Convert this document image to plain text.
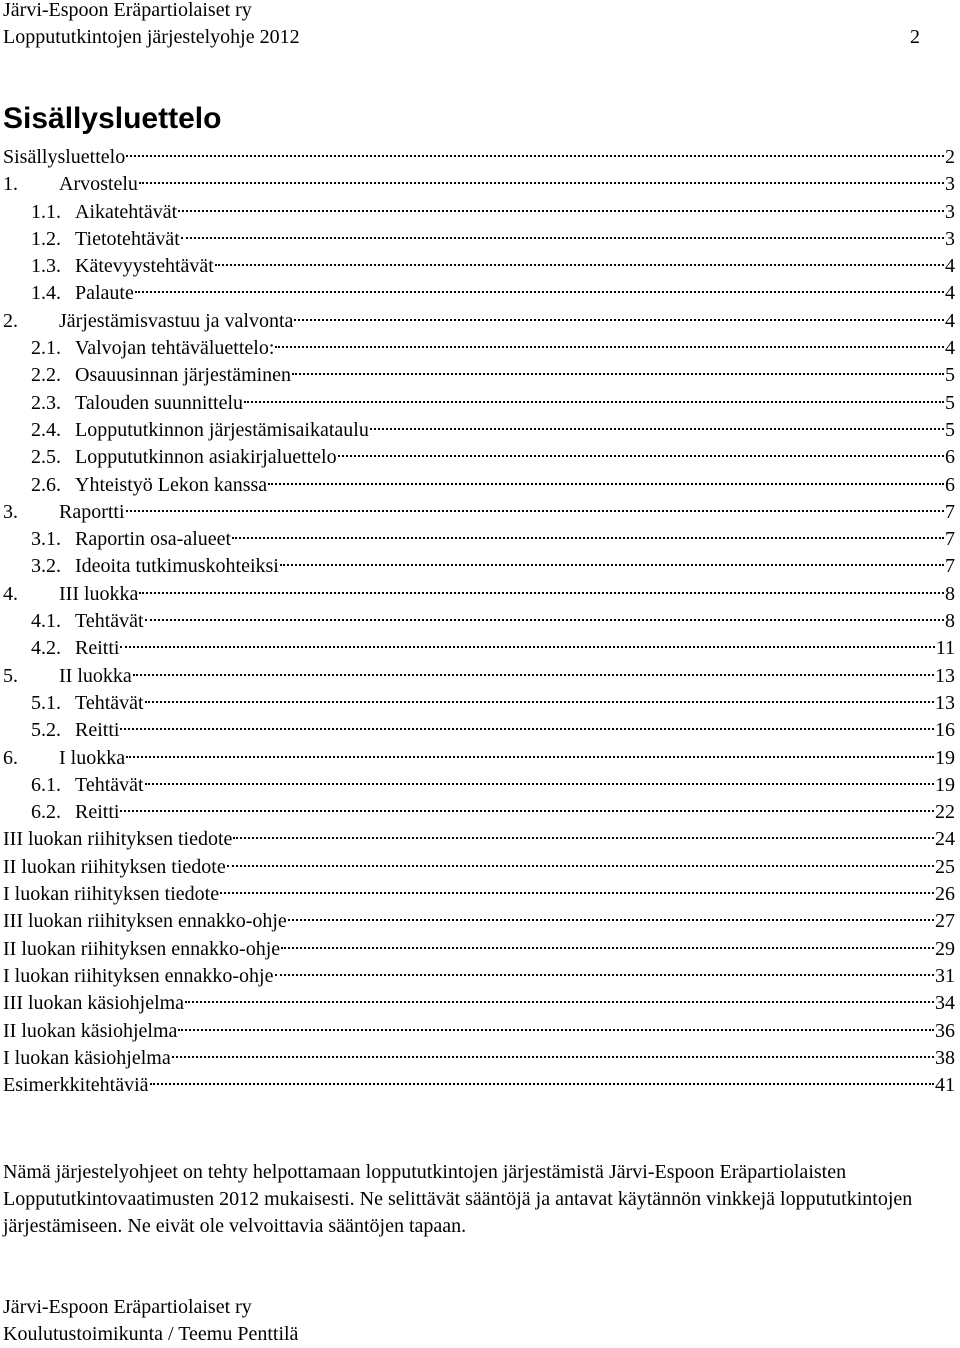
Järvi-Espoon Eräpartiolaiset ry
Loppututkintojen järjestelyohje 2012	2
Sisällysluettelo
Sisällysluettelo	2
1.	Arvostelu	3
1.1. Aikatehtävät	3
1.2. Tietotehtävät	3
1.3. Kätevyystehtävät	4
1.4. Palaute	4
2.	Järjestämisvastuu ja valvonta	4
2.1. Valvojan tehtäväluettelo:	4
2.2. Osauusinnan järjestäminen	5
2.3. Talouden suunnittelu	5
2.4. Loppututkinnon järjestämisaikataulu	5
2.5. Loppututkinnon asiakirjaluettelo	6
2.6. Yhteistyö Lekon kanssa	6
3.	Raportti	7
3.1. Raportin osa-alueet	7
3.2. Ideoita tutkimuskohteiksi	7
4.	III luokka	8
4.1. Tehtävät	8
4.2. Reitti	11
5.	II luokka	13
5.1. Tehtävät	13
5.2. Reitti	16
6.	I luokka	19
6.1. Tehtävät	19
6.2. Reitti	22
III luokan riihityksen tiedote	24
II luokan riihityksen tiedote	25
I luokan riihityksen tiedote	26
III luokan riihityksen ennakko-ohje	27
II luokan riihityksen ennakko-ohje	29
I luokan riihityksen ennakko-ohje	31
III luokan käsiohjelma	34
II luokan käsiohjelma	36
I luokan käsiohjelma	38
Esimerkkitehtäviä	41

Nämä järjestelyohjeet on tehty helpottamaan loppututkintojen järjestämistä Järvi-Espoon Eräpartiolaisten Loppututkintovaatimusten 2012 mukaisesti. Ne selittävät sääntöjä ja antavat käytännön vinkkejä loppututkintojen järjestämiseen. Ne eivät ole velvoittavia sääntöjen tapaan.

Järvi-Espoon Eräpartiolaiset ry
Koulutustoimikunta / Teemu Penttilä
